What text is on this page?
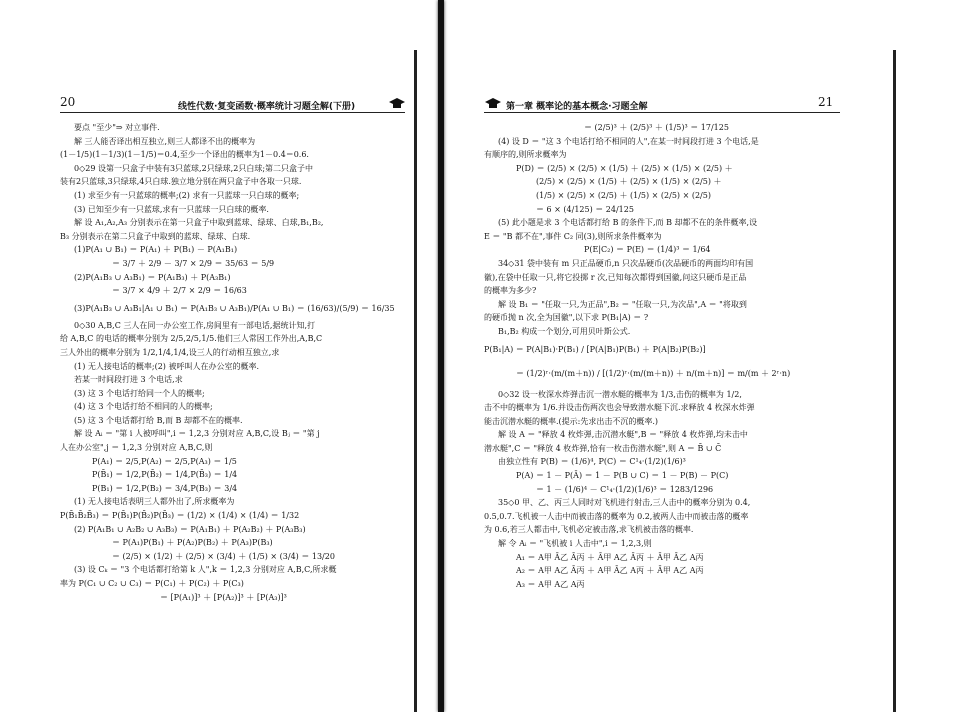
20	线性代数·复变函数·概率统计习题全解(下册)
要点 "至少"⇒ 对立事件.
解 三人能否译出相互独立,则三人都译不出的概率为
(1－1/5)(1－1/3)(1－1/5)＝0.4,至少一个译出的概率为1－0.4＝0.6.
0◇29 设第一只盒子中装有3只蓝球,2只绿球,2只白球;第二只盒子中
装有2只蓝球,3只绿球,4只白球.独立地分别在两只盒子中各取一只球.
(1) 求至少有一只蓝球的概率;(2) 求有一只蓝球一只白球的概率;
(3) 已知至少有一只蓝球,求有一只蓝球一只白球的概率.
解 设 A₁,A₂,A₃ 分别表示在第一只盒子中取到蓝球、绿球、白球,B₁,B₂,
B₃ 分别表示在第二只盒子中取到的蓝球、绿球、白球.
(1)P(A₁ ∪ B₁) ＝ P(A₁) ＋ P(B₁) － P(A₁B₁)
＝ 3/7 ＋ 2/9 － 3/7 × 2/9 ＝ 35/63 ＝ 5/9
(2)P(A₁B₃ ∪ A₃B₁) ＝ P(A₁B₃) ＋ P(A₃B₁)
＝ 3/7 × 4/9 ＋ 2/7 × 2/9 ＝ 16/63
(3)P(A₁B₃ ∪ A₃B₁|A₁ ∪ B₁) ＝ P(A₁B₃ ∪ A₃B₁)/P(A₁ ∪ B₁) ＝ (16/63)/(5/9) ＝ 16/35
0◇30 A,B,C 三人在同一办公室工作,房间里有一部电话,据统计知,打
给 A,B,C 的电话的概率分别为 2/5,2/5,1/5.他们三人常因工作外出,A,B,C
三人外出的概率分别为 1/2,1/4,1/4,设三人的行动相互独立,求
(1) 无人接电话的概率;(2) 被呼叫人在办公室的概率.
若某一时间段打进 3 个电话,求
(3) 这 3 个电话打给同一个人的概率;
(4) 这 3 个电话打给不相同的人的概率;
(5) 这 3 个电话都打给 B,而 B 却都不在的概率.
解 设 Aᵢ ＝ "第 i 人被呼叫",i ＝ 1,2,3 分别对应 A,B,C,设 Bⱼ ＝ "第 j
人在办公室",j ＝ 1,2,3 分别对应 A,B,C,则
P(A₁) ＝ 2/5,P(A₂) ＝ 2/5,P(A₃) ＝ 1/5
P(B̄₁) ＝ 1/2,P(B̄₂) ＝ 1/4,P(B̄₃) ＝ 1/4
P(B₁) ＝ 1/2,P(B₂) ＝ 3/4,P(B₃) ＝ 3/4
(1) 无人接电话表明三人都外出了,所求概率为
P(B̄₁B̄₂B̄₃) ＝ P(B̄₁)P(B̄₂)P(B̄₃) ＝ (1/2) × (1/4) × (1/4) ＝ 1/32
(2) P(A₁B₁ ∪ A₂B₂ ∪ A₃B₃) ＝ P(A₁B₁) ＋ P(A₂B₂) ＋ P(A₃B₃)
＝ P(A₁)P(B₁) ＋ P(A₂)P(B₂) ＋ P(A₃)P(B₃)
＝ (2/5) × (1/2) ＋ (2/5) × (3/4) ＋ (1/5) × (3/4) ＝ 13/20
(3) 设 Cₖ ＝ "3 个电话都打给第 k 人",k ＝ 1,2,3 分别对应 A,B,C,所求概
率为 P(C₁ ∪ C₂ ∪ C₃) ＝ P(C₁) ＋ P(C₂) ＋ P(C₃)
＝ [P(A₁)]³ ＋ [P(A₂)]³ ＋ [P(A₃)]³
第一章 概率论的基本概念·习题全解	21
＝ (2/5)³ ＋ (2/5)³ ＋ (1/5)³ ＝ 17/125
(4) 设 D ＝ "这 3 个电话打给不相同的人",在某一时间段打进 3 个电话,是
有顺序的,则所求概率为
P(D) ＝ (2/5) × (2/5) × (1/5) ＋ (2/5) × (1/5) × (2/5) ＋
(2/5) × (2/5) × (1/5) ＋ (2/5) × (1/5) × (2/5) ＋
(1/5) × (2/5) × (2/5) ＋ (1/5) × (2/5) × (2/5)
＝ 6 × (4/125) ＝ 24/125
(5) 此小题是求 3 个电话都打给 B 的条件下,而 B 却都不在的条件概率,设
E ＝ "B 都不在",事件 C₂ 同(3),则所求条件概率为
P(E|C₂) ＝ P(E) ＝ (1/4)³ ＝ 1/64
34◇31 袋中装有 m 只正品硬币,n 只次品硬币(次品硬币的两面均印有国
徽),在袋中任取一只,将它投掷 r 次,已知每次都得到国徽,问这只硬币是正品
的概率为多少?
解 设 B₁ ＝ "任取一只,为正品",B₂ ＝ "任取一只,为次品",A ＝ "将取到
的硬币抛 n 次,全为国徽",以下求 P(B₁|A) ＝ ?
B₁,B₂ 构成一个划分,可用贝叶斯公式.
P(B₁|A) ＝ P(A|B₁)·P(B₁) / [P(A|B₁)P(B₁) ＋ P(A|B₂)P(B₂)]
＝ (1/2)ʳ·(m/(m＋n)) / [(1/2)ʳ·(m/(m＋n)) ＋ n/(m＋n)] ＝ m/(m ＋ 2ʳ·n)
0◇32 设一枚深水炸弹击沉一潜水艇的概率为 1/3,击伤的概率为 1/2,
击不中的概率为 1/6.并设击伤两次也会导致潜水艇下沉.求释放 4 枚深水炸弹
能击沉潜水艇的概率.(提示:先求出击不沉的概率.)
解 设 A ＝ "释放 4 枚炸弹,击沉潜水艇",B ＝ "释放 4 枚炸弹,均未击中
潜水艇",C ＝ "释放 4 枚炸弹,恰有一枚击伤潜水艇",则 A ＝ B̄ ∪ C̄
由独立性有 P(B) ＝ (1/6)⁴, P(C) ＝ C¹₄·(1/2)(1/6)³
P(A) ＝ 1 － P(Ā) ＝ 1 － P(B ∪ C) ＝ 1 － P(B) － P(C)
＝ 1 － (1/6)⁴ － C¹₄·(1/2)(1/6)³ ＝ 1283/1296
35◇0 甲、乙、丙三人同时对飞机进行射击,三人击中的概率分别为 0.4,
0.5,0.7.飞机被一人击中而被击落的概率为 0.2,被两人击中而被击落的概率
为 0.6,若三人都击中,飞机必定被击落,求飞机被击落的概率.
解 令 Aᵢ ＝ "飞机被 i 人击中",i ＝ 1,2,3,则
A₁ ＝ A甲 Ā乙 Ā丙 ＋ Ā甲 A乙 Ā丙 ＋ Ā甲 Ā乙 A丙
A₂ ＝ A甲 A乙 Ā丙 ＋ A甲 Ā乙 A丙 ＋ Ā甲 A乙 A丙
A₃ ＝ A甲 A乙 A丙
